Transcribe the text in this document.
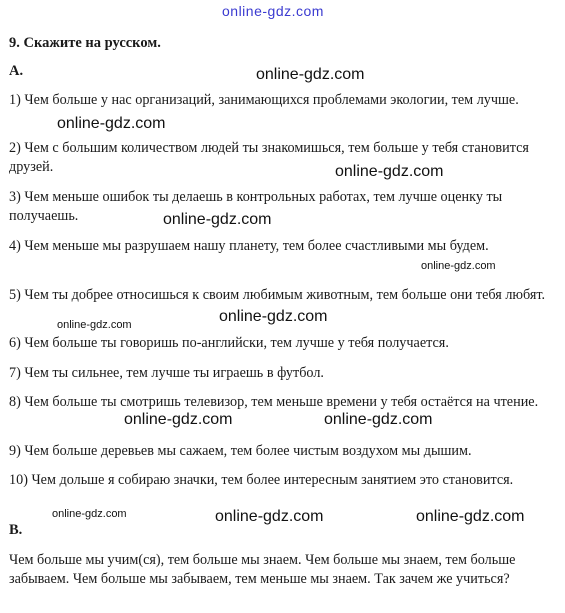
online-gdz.com
9. Скажите на русском.
A.
1) Чем больше у нас организаций, занимающихся проблемами экологии, тем лучше.
2) Чем с большим количеством людей ты знакомишься, тем больше у тебя становится друзей.
3) Чем меньше ошибок ты делаешь в контрольных работах, тем лучше оценку ты получаешь.
4) Чем меньше мы разрушаем нашу планету, тем более счастливыми мы будем.
5) Чем ты добрее относишься к своим любимым животным, тем больше они тебя любят.
6) Чем больше ты говоришь по-английски, тем лучше у тебя получается.
7) Чем ты сильнее, тем лучше ты играешь в футбол.
8) Чем больше ты смотришь телевизор, тем меньше времени у тебя остаётся на чтение.
9) Чем больше деревьев мы сажаем, тем более чистым воздухом мы дышим.
10) Чем дольше я собираю значки, тем более интересным занятием это становится.
B.
Чем больше мы учим(ся), тем больше мы знаем. Чем больше мы знаем, тем больше забываем. Чем больше мы забываем, тем меньше мы знаем. Так зачем же учиться?
online-gdz.com
online-gdz.com
online-gdz.com
online-gdz.com
online-gdz.com
online-gdz.com
online-gdz.com
online-gdz.com	online-gdz.com
online-gdz.com	online-gdz.com	online-gdz.com
